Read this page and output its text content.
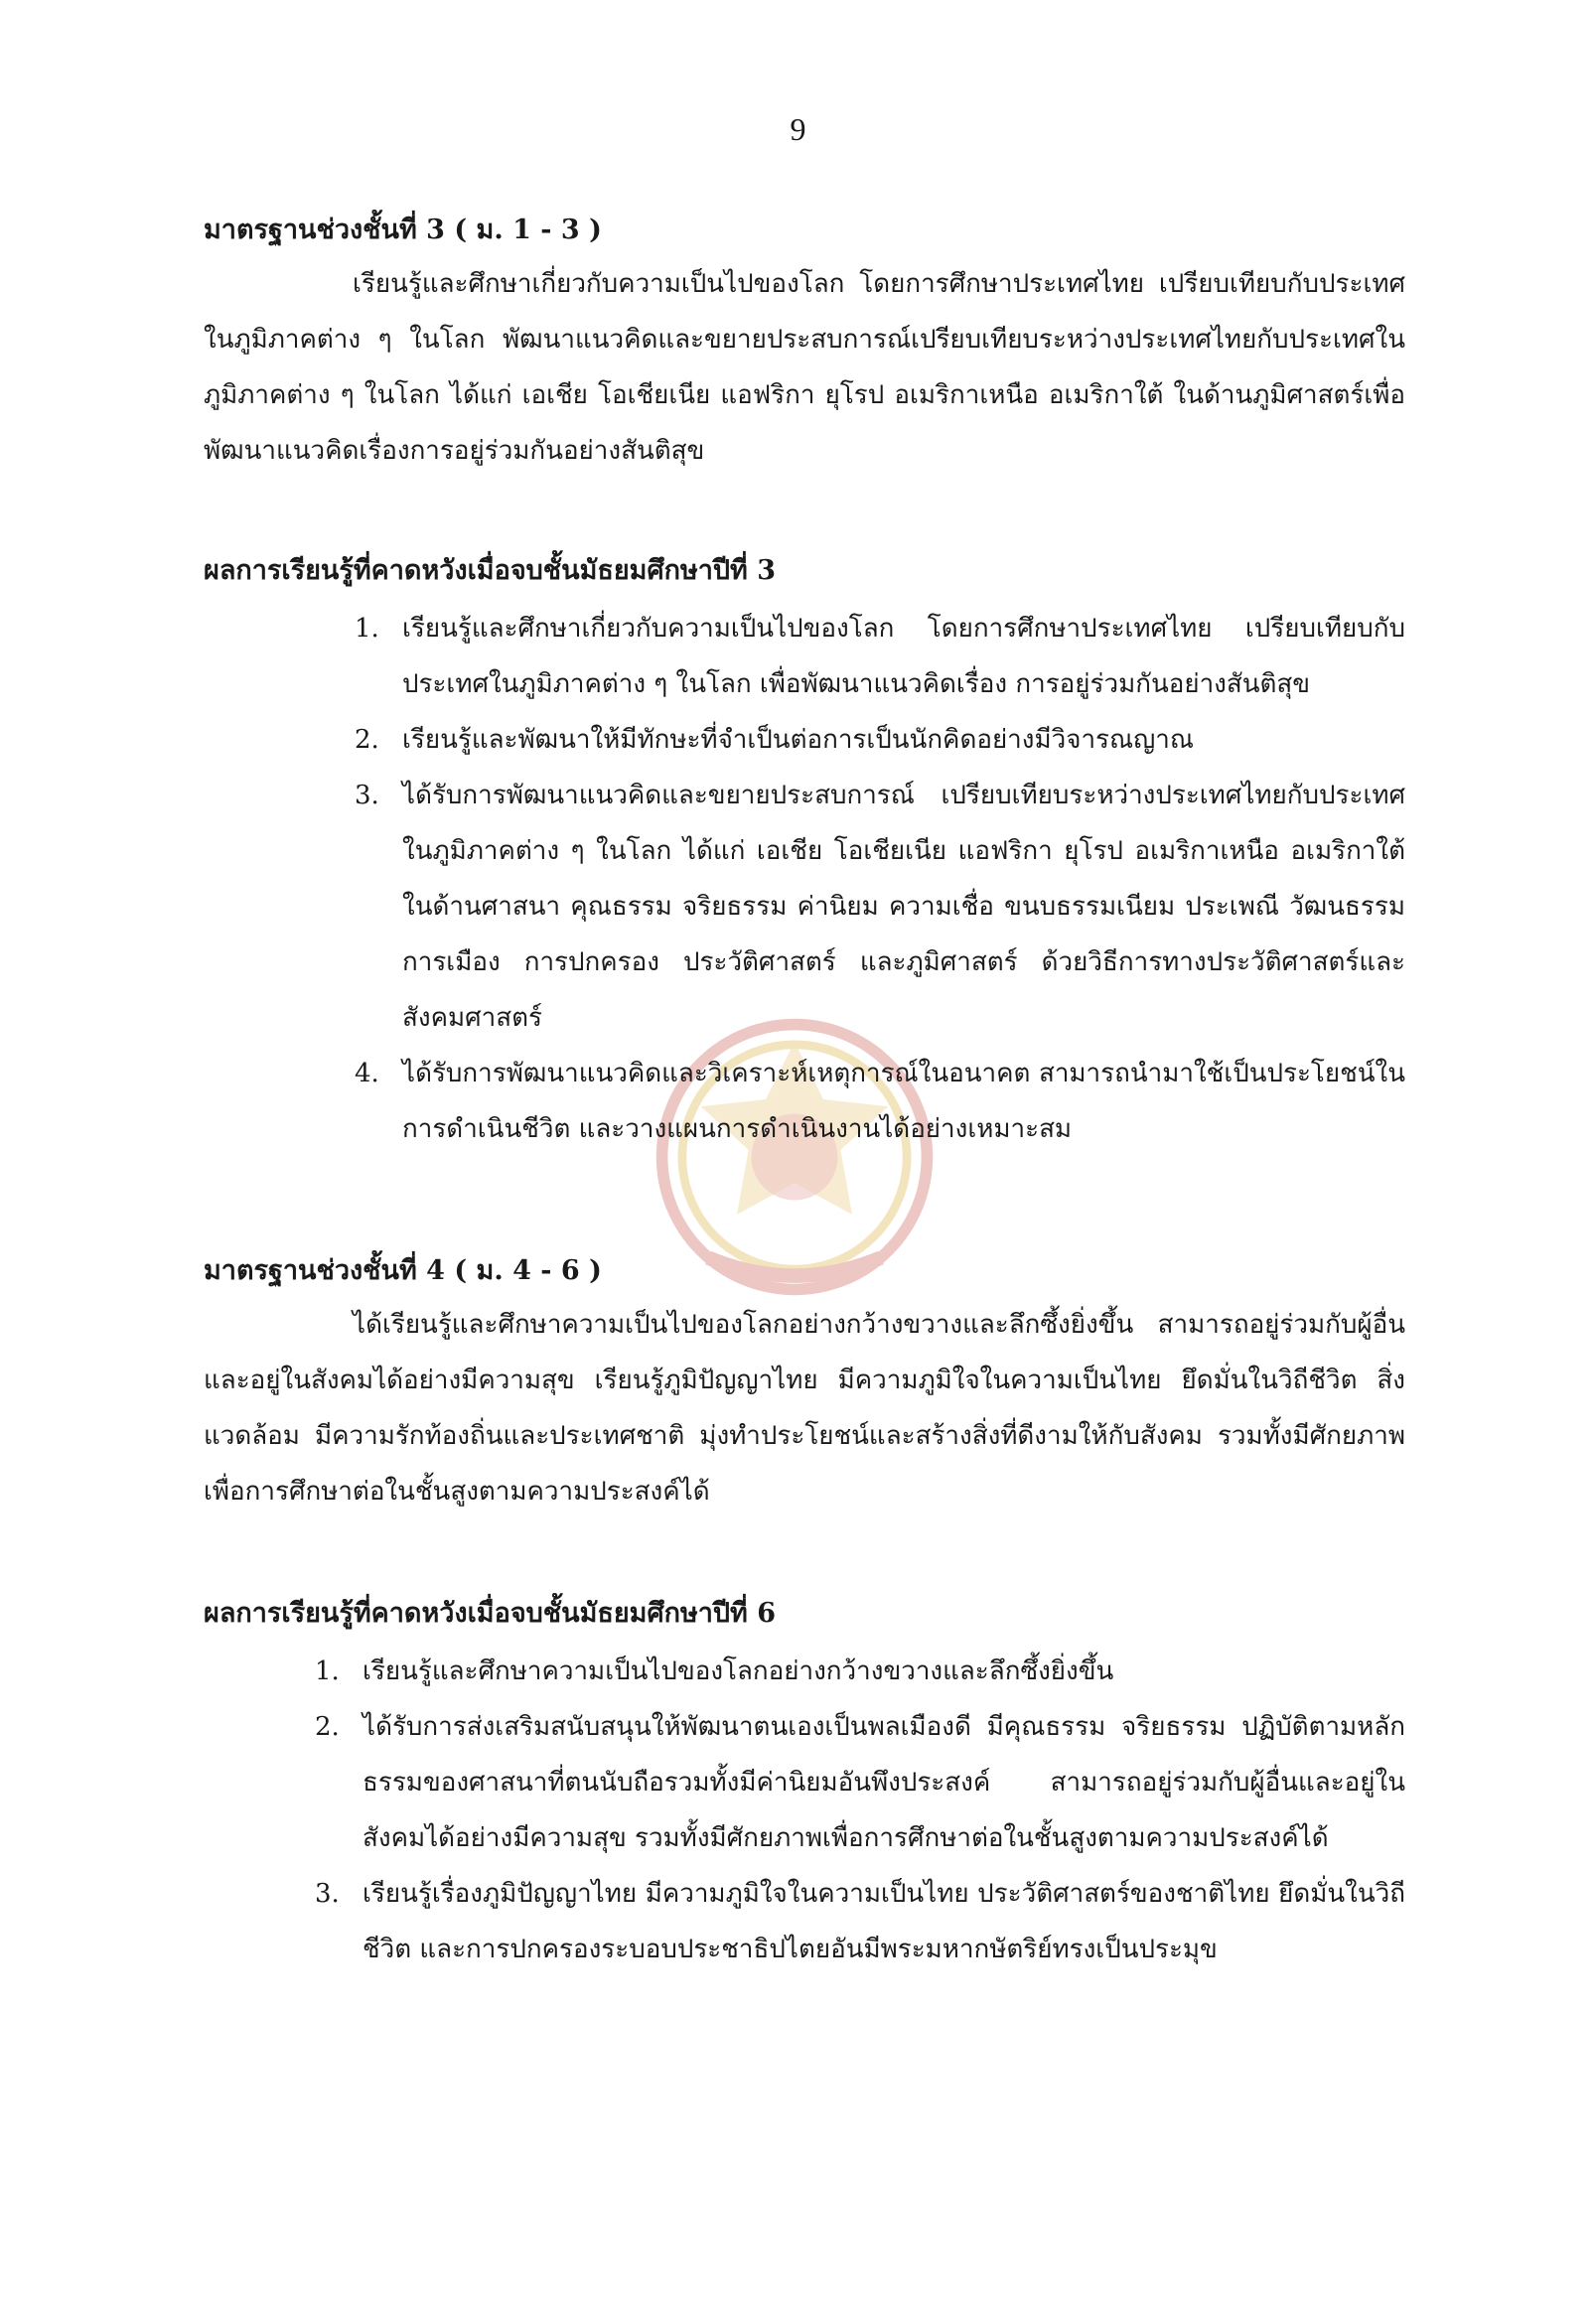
9

มาตรฐานช่วงชั้นที่ 3 ( ม. 1 - 3 )

เรียนรู้และศึกษาเกี่ยวกับความเป็นไปของโลก โดยการศึกษาประเทศไทย เปรียบเทียบกับประเทศในภูมิภาคต่าง ๆ ในโลก พัฒนาแนวคิดและขยายประสบการณ์เปรียบเทียบระหว่างประเทศไทยกับประเทศในภูมิภาคต่าง ๆ ในโลก ได้แก่ เอเชีย โอเชียเนีย แอฟริกา ยุโรป อเมริกาเหนือ อเมริกาใต้ ในด้านภูมิศาสตร์เพื่อพัฒนาแนวคิดเรื่องการอยู่ร่วมกันอย่างสันติสุข

ผลการเรียนรู้ที่คาดหวังเมื่อจบชั้นมัธยมศึกษาปีที่ 3

1. เรียนรู้และศึกษาเกี่ยวกับความเป็นไปของโลก โดยการศึกษาประเทศไทย เปรียบเทียบกับประเทศในภูมิภาคต่าง ๆ ในโลก เพื่อพัฒนาแนวคิดเรื่อง การอยู่ร่วมกันอย่างสันติสุข
2. เรียนรู้และพัฒนาให้มีทักษะที่จำเป็นต่อการเป็นนักคิดอย่างมีวิจารณญาณ
3. ได้รับการพัฒนาแนวคิดและขยายประสบการณ์ เปรียบเทียบระหว่างประเทศไทยกับประเทศในภูมิภาคต่าง ๆ ในโลก ได้แก่ เอเชีย โอเชียเนีย แอฟริกา ยุโรป อเมริกาเหนือ อเมริกาใต้ในด้านศาสนา คุณธรรม จริยธรรม ค่านิยม ความเชื่อ ขนบธรรมเนียม ประเพณี วัฒนธรรม การเมือง การปกครอง ประวัติศาสตร์ และภูมิศาสตร์ ด้วยวิธีการทางประวัติศาสตร์และสังคมศาสตร์
4. ได้รับการพัฒนาแนวคิดและวิเคราะห์เหตุการณ์ในอนาคต สามารถนำมาใช้เป็นประโยชน์ในการดำเนินชีวิต และวางแผนการดำเนินงานได้อย่างเหมาะสม

มาตรฐานช่วงชั้นที่ 4 ( ม. 4 - 6 )

ได้เรียนรู้และศึกษาความเป็นไปของโลกอย่างกว้างขวางและลึกซึ้งยิ่งขึ้น สามารถอยู่ร่วมกับผู้อื่นและอยู่ในสังคมได้อย่างมีความสุข เรียนรู้ภูมิปัญญาไทย มีความภูมิใจในความเป็นไทย ยึดมั่นในวิถีชีวิต สิ่งแวดล้อม มีความรักท้องถิ่นและประเทศชาติ มุ่งทำประโยชน์และสร้างสิ่งที่ดีงามให้กับสังคม รวมทั้งมีศักยภาพเพื่อการศึกษาต่อในชั้นสูงตามความประสงค์ได้

ผลการเรียนรู้ที่คาดหวังเมื่อจบชั้นมัธยมศึกษาปีที่ 6

1. เรียนรู้และศึกษาความเป็นไปของโลกอย่างกว้างขวางและลึกซึ้งยิ่งขึ้น
2. ได้รับการส่งเสริมสนับสนุนให้พัฒนาตนเองเป็นพลเมืองดี มีคุณธรรม จริยธรรม ปฏิบัติตามหลักธรรมของศาสนาที่ตนนับถือรวมทั้งมีค่านิยมอันพึงประสงค์ สามารถอยู่ร่วมกับผู้อื่นและอยู่ในสังคมได้อย่างมีความสุข รวมทั้งมีศักยภาพเพื่อการศึกษาต่อในชั้นสูงตามความประสงค์ได้
3. เรียนรู้เรื่องภูมิปัญญาไทย มีความภูมิใจในความเป็นไทย ประวัติศาสตร์ของชาติไทย ยึดมั่นในวิถีชีวิต และการปกครองระบอบประชาธิปไตยอันมีพระมหากษัตริย์ทรงเป็นประมุข
